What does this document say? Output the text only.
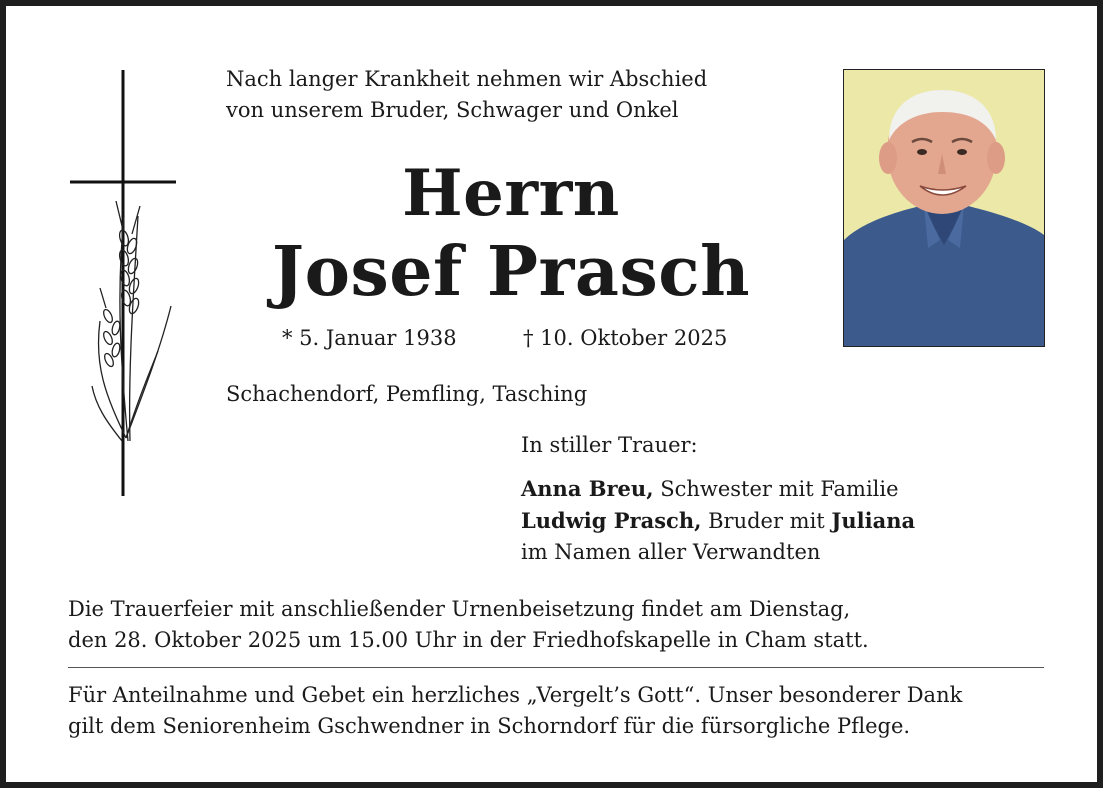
Nach langer Krankheit nehmen wir Abschied
von unserem Bruder, Schwager und Onkel
Herrn
Josef Prasch
* 5. Januar 1938	† 10. Oktober 2025
Schachendorf, Pemfling, Tasching
In stiller Trauer:
Anna Breu, Schwester mit Familie
Ludwig Prasch, Bruder mit Juliana
im Namen aller Verwandten
Die Trauerfeier mit anschließender Urnenbeisetzung findet am Dienstag,
den 28. Oktober 2025 um 15.00 Uhr in der Friedhofskapelle in Cham statt.
Für Anteilnahme und Gebet ein herzliches „Vergelt’s Gott“. Unser besonderer Dank
gilt dem Seniorenheim Gschwendner in Schorndorf für die fürsorgliche Pflege.
